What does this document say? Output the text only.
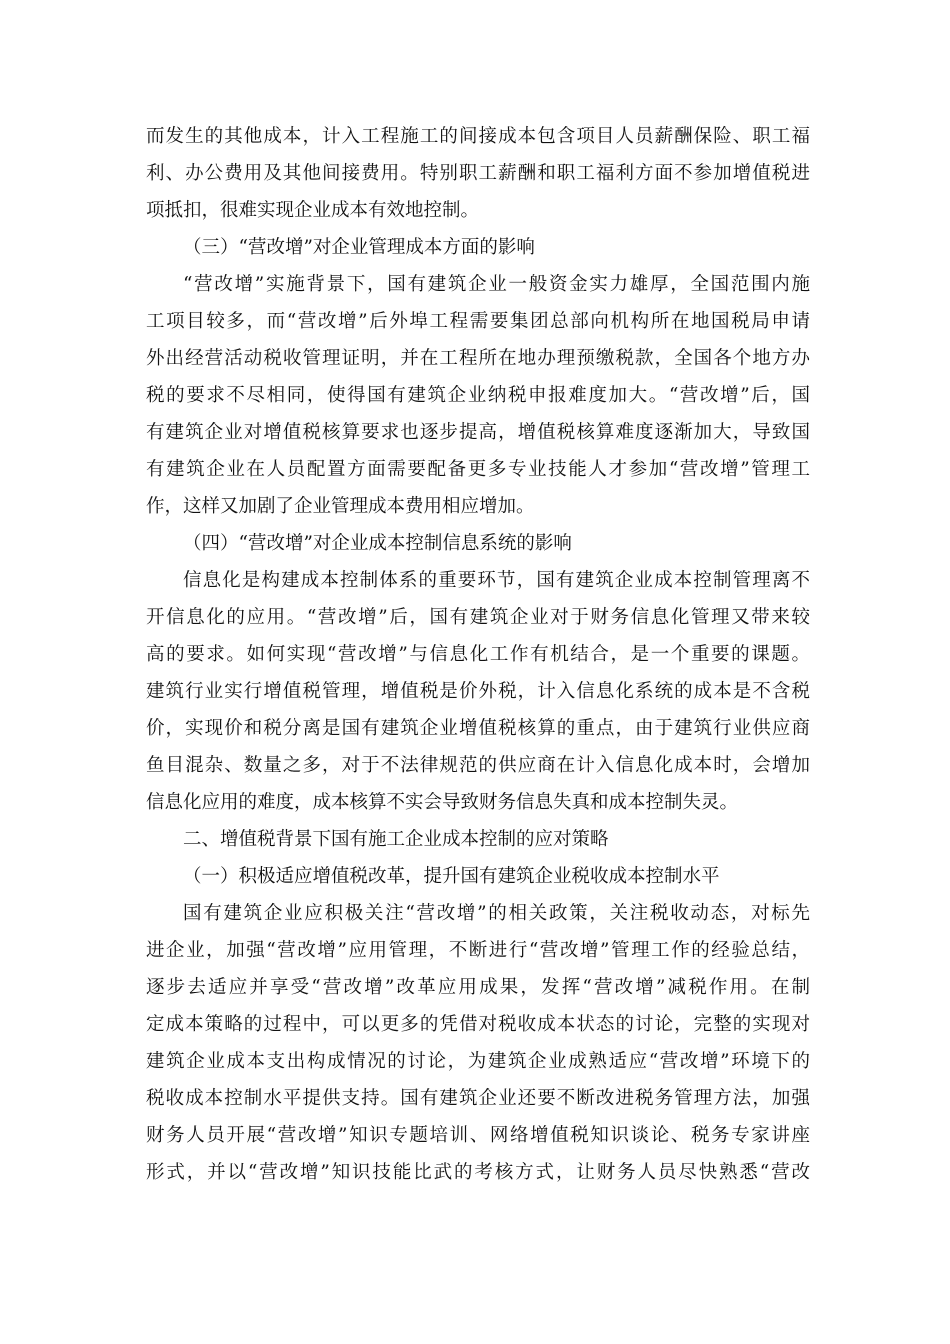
而发生的其他成本，计入工程施工的间接成本包含项目人员薪酬保险、职工福
利、办公费用及其他间接费用。特别职工薪酬和职工福利方面不参加增值税进
项抵扣，很难实现企业成本有效地控制。
（三）“营改增”对企业管理成本方面的影响
“营改增”实施背景下，国有建筑企业一般资金实力雄厚，全国范围内施
工项目较多，而“营改增”后外埠工程需要集团总部向机构所在地国税局申请
外出经营活动税收管理证明，并在工程所在地办理预缴税款，全国各个地方办
税的要求不尽相同，使得国有建筑企业纳税申报难度加大。“营改增”后，国
有建筑企业对增值税核算要求也逐步提高，增值税核算难度逐渐加大，导致国
有建筑企业在人员配置方面需要配备更多专业技能人才参加“营改增”管理工
作，这样又加剧了企业管理成本费用相应增加。
（四）“营改增”对企业成本控制信息系统的影响
信息化是构建成本控制体系的重要环节，国有建筑企业成本控制管理离不
开信息化的应用。“营改增”后，国有建筑企业对于财务信息化管理又带来较
高的要求。如何实现“营改增”与信息化工作有机结合，是一个重要的课题。
建筑行业实行增值税管理，增值税是价外税，计入信息化系统的成本是不含税
价，实现价和税分离是国有建筑企业增值税核算的重点，由于建筑行业供应商
鱼目混杂、数量之多，对于不法律规范的供应商在计入信息化成本时，会增加
信息化应用的难度，成本核算不实会导致财务信息失真和成本控制失灵。
二、增值税背景下国有施工企业成本控制的应对策略
（一）积极适应增值税改革，提升国有建筑企业税收成本控制水平
国有建筑企业应积极关注“营改增”的相关政策，关注税收动态，对标先
进企业，加强“营改增”应用管理，不断进行“营改增”管理工作的经验总结，
逐步去适应并享受“营改增”改革应用成果，发挥“营改增”减税作用。在制
定成本策略的过程中，可以更多的凭借对税收成本状态的讨论，完整的实现对
建筑企业成本支出构成情况的讨论，为建筑企业成熟适应“营改增”环境下的
税收成本控制水平提供支持。国有建筑企业还要不断改进税务管理方法，加强
财务人员开展“营改增”知识专题培训、网络增值税知识谈论、税务专家讲座
形式，并以“营改增”知识技能比武的考核方式，让财务人员尽快熟悉“营改
